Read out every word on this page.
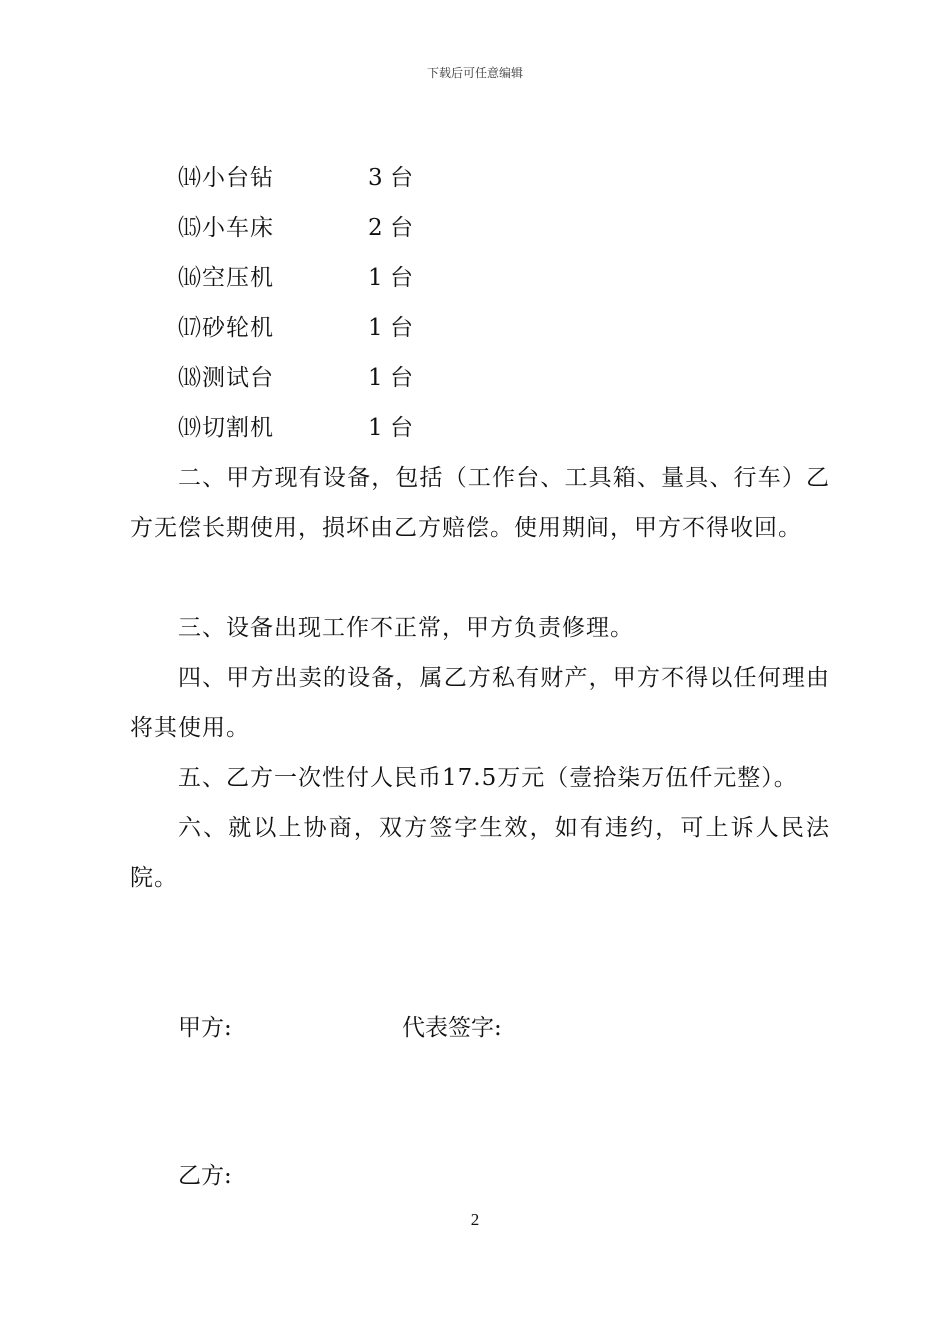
下载后可任意编辑
⒁小台钻	3 台
⒂小车床	2 台
⒃空压机	1 台
⒄砂轮机	1 台
⒅测试台	1 台
⒆切割机	1 台

二、甲方现有设备，包括（工作台、工具箱、量具、行车）乙方无偿长期使用，损坏由乙方赔偿。使用期间，甲方不得收回。

三、设备出现工作不正常，甲方负责修理。

四、甲方出卖的设备，属乙方私有财产，甲方不得以任何理由将其使用。

五、乙方一次性付人民币17.5万元（壹拾柒万伍仟元整）。

六、就以上协商，双方签字生效，如有违约，可上诉人民法院。

甲方:	代表签字:
乙方:
2
